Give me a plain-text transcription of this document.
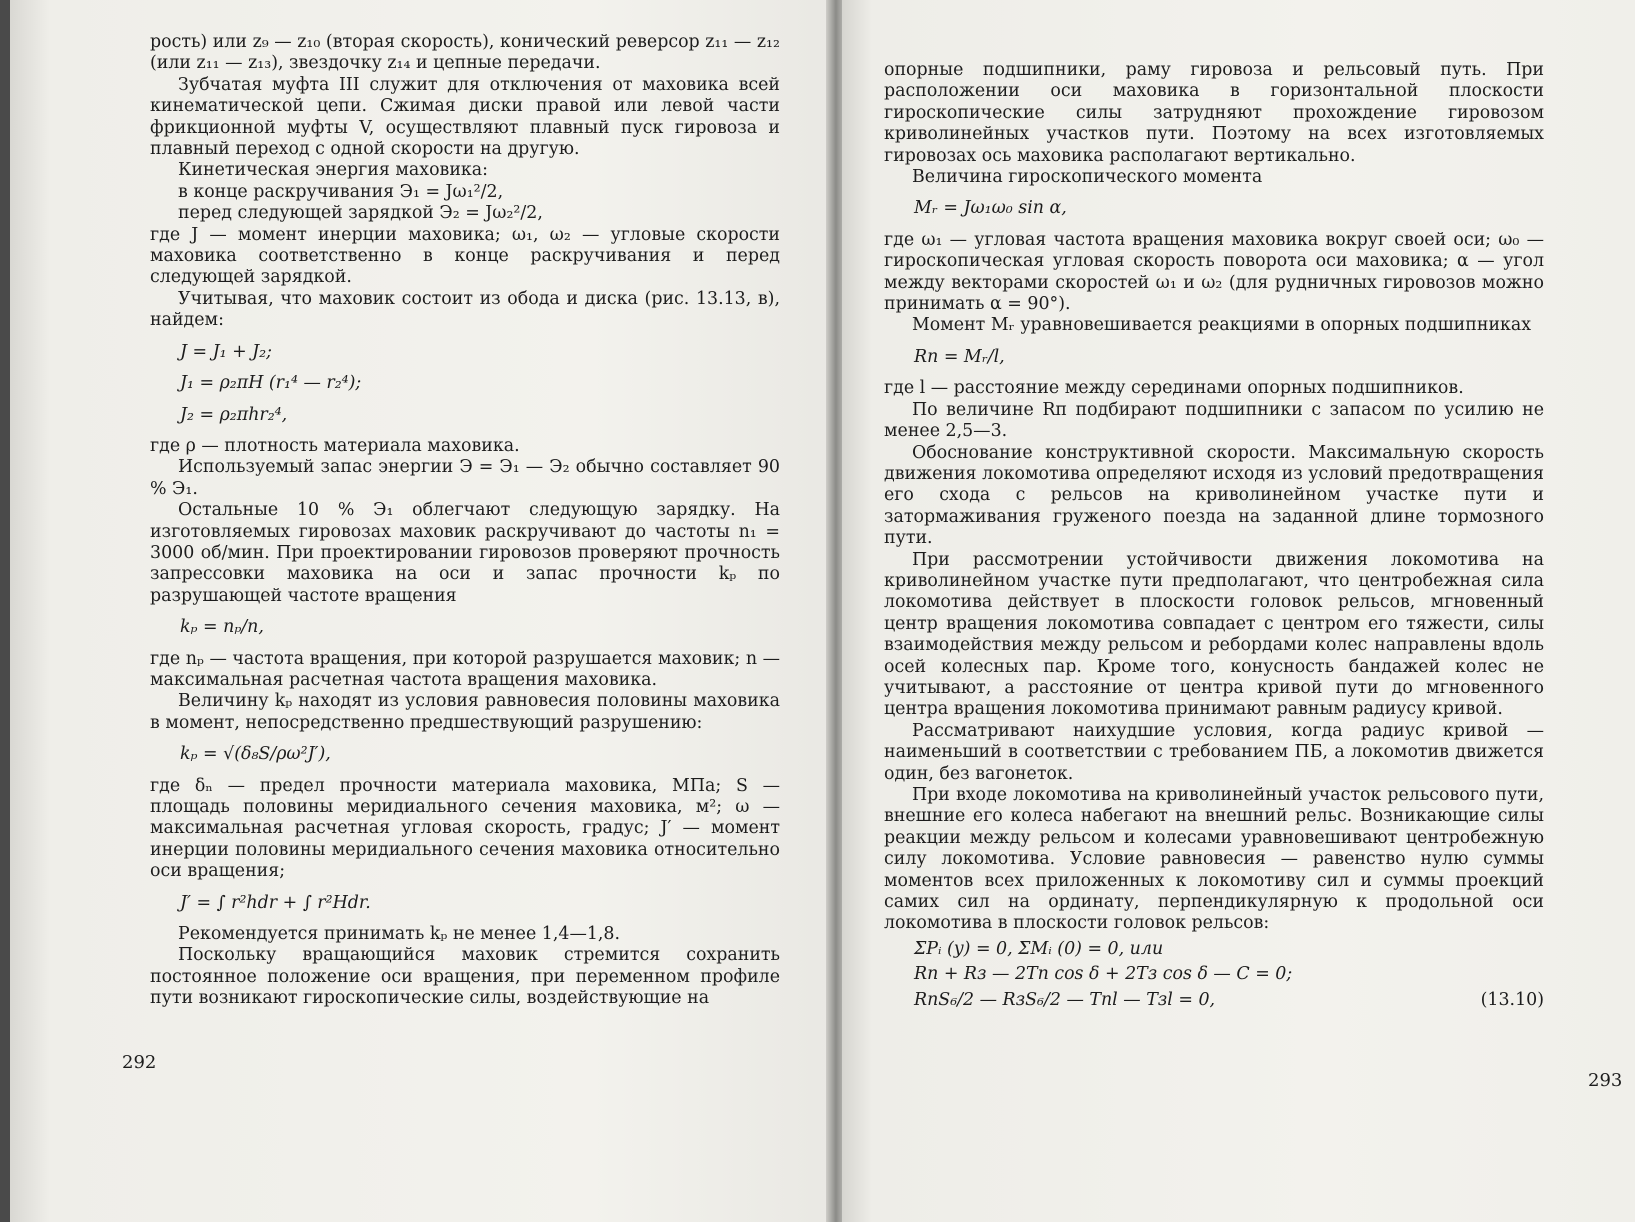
рость) или z₉ — z₁₀ (вторая скорость), конический реверсор z₁₁ — z₁₂ (или z₁₁ — z₁₃), звездочку z₁₄ и цепные передачи.

Зубчатая муфта III служит для отключения от маховика всей кинематической цепи. Сжимая диски правой или левой части фрикционной муфты V, осуществляют плавный пуск гировоза и плавный переход с одной скорости на другую.

Кинетическая энергия маховика:

в конце раскручивания Э₁ = Jω₁²/2,

перед следующей зарядкой Э₂ = Jω₂²/2,

где J — момент инерции маховика; ω₁, ω₂ — угловые скорости маховика соответственно в конце раскручивания и перед следующей зарядкой.

Учитывая, что маховик состоит из обода и диска (рис. 13.13, в), найдем:

J = J₁ + J₂;

J₁ = ρ₂πH (r₁⁴ — r₂⁴);

J₂ = ρ₂πhr₂⁴,

где ρ — плотность материала маховика.

Используемый запас энергии Э = Э₁ — Э₂ обычно составляет 90 % Э₁.

Остальные 10 % Э₁ облегчают следующую зарядку. На изготовляемых гировозах маховик раскручивают до частоты n₁ = 3000 об/мин. При проектировании гировозов проверяют прочность запрессовки маховика на оси и запас прочности kₚ по разрушающей частоте вращения

kₚ = nₚ/n,

где nₚ — частота вращения, при которой разрушается маховик; n — максимальная расчетная частота вращения маховика.

Величину kₚ находят из условия равновесия половины маховика в момент, непосредственно предшествующий разрушению:

kₚ = √(δ₈S/ρω²J′),

где δₙ — предел прочности материала маховика, МПа; S — площадь половины меридиального сечения маховика, м²; ω — максимальная расчетная угловая скорость, градус; J′ — момент инерции половины меридиального сечения маховика относительно оси вращения;

J′ = ∫ r²hdr + ∫ r²Hdr.

Рекомендуется принимать kₚ не менее 1,4—1,8.

Поскольку вращающийся маховик стремится сохранить постоянное положение оси вращения, при переменном профиле пути возникают гироскопические силы, воздействующие на

292

опорные подшипники, раму гировоза и рельсовый путь. При расположении оси маховика в горизонтальной плоскости гироскопические силы затрудняют прохождение гировозом криволинейных участков пути. Поэтому на всех изготовляемых гировозах ось маховика располагают вертикально.

Величина гироскопического момента

Mᵣ = Jω₁ω₀ sin α,

где ω₁ — угловая частота вращения маховика вокруг своей оси; ω₀ — гироскопическая угловая скорость поворота оси маховика; α — угол между векторами скоростей ω₁ и ω₂ (для рудничных гировозов можно принимать α = 90°).

Момент Mᵣ уравновешивается реакциями в опорных подшипниках

Rп = Mᵣ/l,

где l — расстояние между серединами опорных подшипников.

По величине Rп подбирают подшипники с запасом по усилию не менее 2,5—3.

Обоснование конструктивной скорости. Максимальную скорость движения локомотива определяют исходя из условий предотвращения его схода с рельсов на криволинейном участке пути и затормаживания груженого поезда на заданной длине тормозного пути.

При рассмотрении устойчивости движения локомотива на криволинейном участке пути предполагают, что центробежная сила локомотива действует в плоскости головок рельсов, мгновенный центр вращения локомотива совпадает с центром его тяжести, силы взаимодействия между рельсом и ребордами колес направлены вдоль осей колесных пар. Кроме того, конусность бандажей колес не учитывают, а расстояние от центра кривой пути до мгновенного центра вращения локомотива принимают равным радиусу кривой.

Рассматривают наихудшие условия, когда радиус кривой — наименьший в соответствии с требованием ПБ, а локомотив движется один, без вагонеток.

При входе локомотива на криволинейный участок рельсового пути, внешние его колеса набегают на внешний рельс. Возникающие силы реакции между рельсом и колесами уравновешивают центробежную силу локомотива. Условие равновесия — равенство нулю суммы моментов всех приложенных к локомотиву сил и суммы проекций самих сил на ординату, перпендикулярную к продольной оси локомотива в плоскости головок рельсов:

ΣPᵢ (y) = 0, ΣMᵢ (0) = 0, или
Rп + Rз — 2Tп cos δ + 2Tз cos δ — C = 0;
RпS₆/2 — RзS₆/2 — Tпl — Tзl = 0,	(13.10)
293
